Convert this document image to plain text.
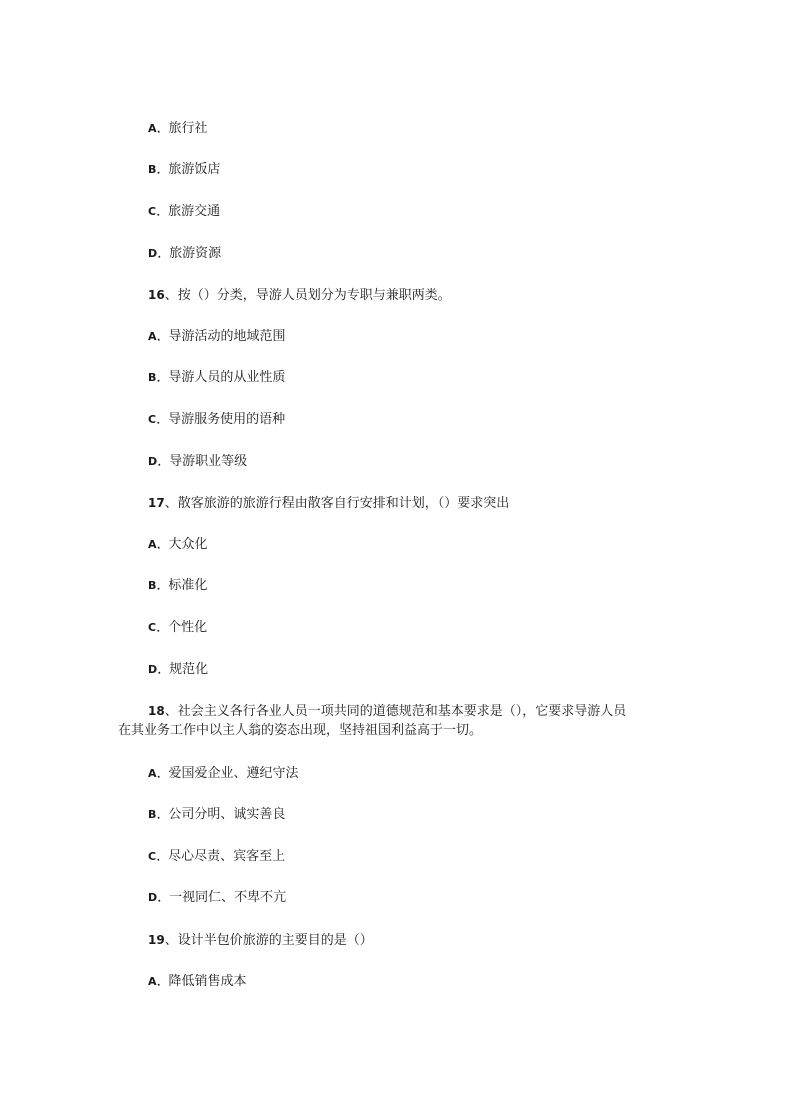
A．旅行社
B．旅游饭店
C．旅游交通
D．旅游资源
16、按（）分类，导游人员划分为专职与兼职两类。
A．导游活动的地域范围
B．导游人员的从业性质
C．导游服务使用的语种
D．导游职业等级
17、散客旅游的旅游行程由散客自行安排和计划，（）要求突出
A．大众化
B．标准化
C．个性化
D．规范化
18、社会主义各行各业人员一项共同的道德规范和基本要求是（），它要求导游人员
在其业务工作中以主人翁的姿态出现，坚持祖国利益高于一切。
A．爱国爱企业、遵纪守法
B．公司分明、诚实善良
C．尽心尽责、宾客至上
D．一视同仁、不卑不亢
19、设计半包价旅游的主要目的是（）
A．降低销售成本
